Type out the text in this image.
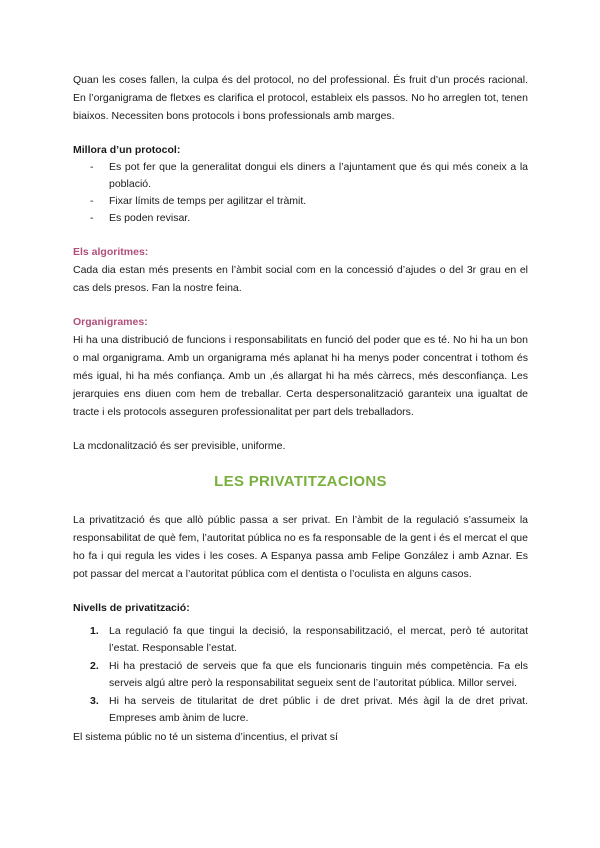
Quan les coses fallen, la culpa és del protocol, no del professional. És fruit d’un procés racional. En l’organigrama de fletxes es clarifica el protocol, estableix els passos. No ho arreglen tot, tenen biaixos. Necessiten bons protocols i bons professionals amb marges.

Millora d’un protocol:

- Es pot fer que la generalitat dongui els diners a l’ajuntament que és qui més coneix a la població.
- Fixar límits de temps per agilitzar el tràmit.
- Es poden revisar.

Els algoritmes:

Cada dia estan més presents en l’àmbit social com en la concessió d’ajudes o del 3r grau en el cas dels presos. Fan la nostre feina.

Organigrames:

Hi ha una distribució de funcions i responsabilitats en funció del poder que es té. No hi ha un bon o mal organigrama. Amb un organigrama més aplanat hi ha menys poder concentrat i tothom és més igual, hi ha més confiança. Amb un ,és allargat hi ha més càrrecs, més desconfiança. Les jerarquies ens diuen com hem de treballar. Certa despersonalització garanteix una igualtat de tracte i els protocols asseguren professionalitat per part dels treballadors.

La mcdonalització és ser previsible, uniforme.

LES PRIVATITZACIONS

La privatització és que allò públic passa a ser privat. En l’àmbit de la regulació s’assumeix la responsabilitat de què fem, l’autoritat pública no es fa responsable de la gent i és el mercat el que ho fa i qui regula les vides i les coses. A Espanya passa amb Felipe González i amb Aznar. Es pot passar del mercat a l’autoritat pública com el dentista o l’oculista en alguns casos.

Nivells de privatització:

1. La regulació fa que tingui la decisió, la responsabilització, el mercat, però té autoritat l’estat. Responsable l’estat.
2. Hi ha prestació de serveis que fa que els funcionaris tinguin més competència. Fa els serveis algú altre però la responsabilitat segueix sent de l’autoritat pública. Millor servei.
3. Hi ha serveis de titularitat de dret públic i de dret privat. Més àgil la de dret privat. Empreses amb ànim de lucre.

El sistema públic no té un sistema d’incentius, el privat sí
